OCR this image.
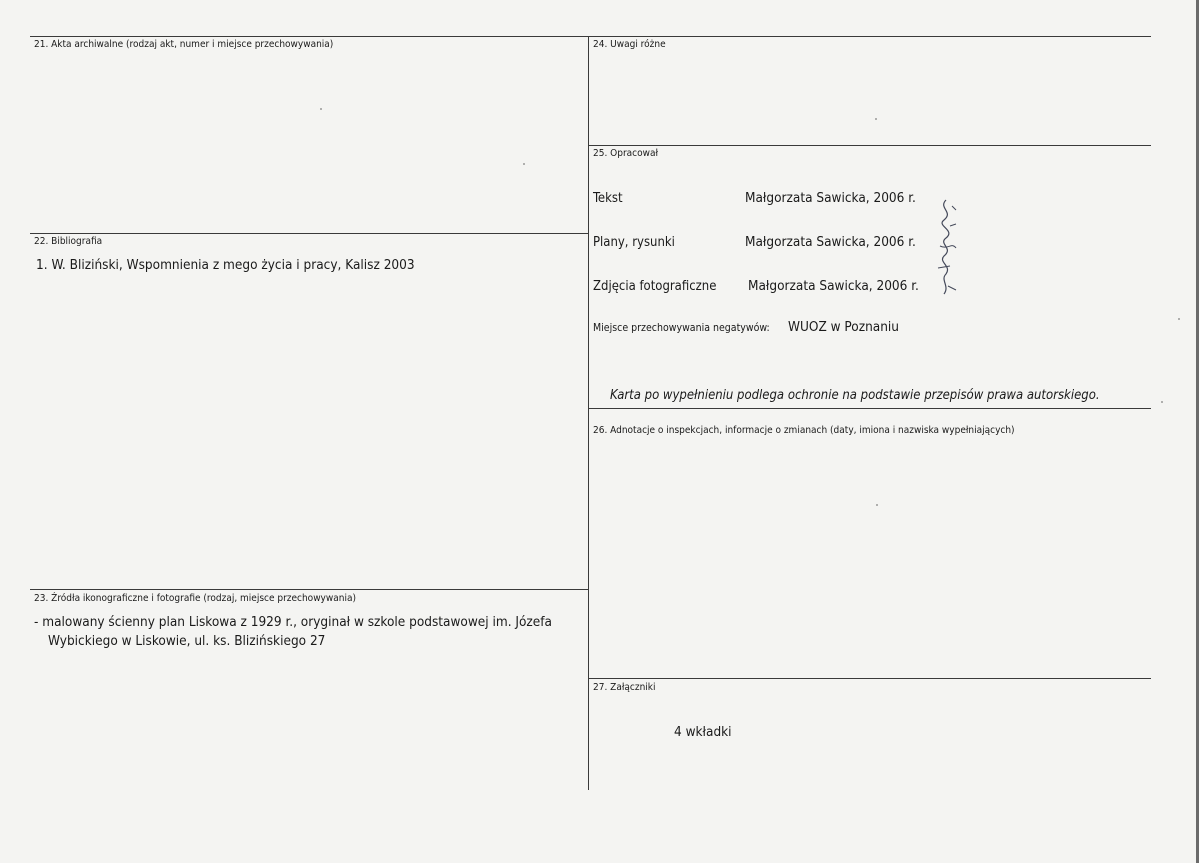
21. Akta archiwalne (rodzaj akt, numer i miejsce przechowywania)
22. Bibliografia
1. W. Bliziński, Wspomnienia z mego życia i pracy, Kalisz 2003
23. Źródła ikonograficzne i fotografie (rodzaj, miejsce przechowywania)
- malowany ścienny plan Liskowa z 1929 r., oryginał w szkole podstawowej im. Józefa
Wybickiego w Liskowie, ul. ks. Blizińskiego 27
24. Uwagi różne
25. Opracował
Tekst	Małgorzata Sawicka, 2006 r.
Plany, rysunki	Małgorzata Sawicka, 2006 r.
Zdjęcia fotograficzne Małgorzata Sawicka, 2006 r.
Miejsce przechowywania negatywów: WUOZ w Poznaniu
Karta po wypełnieniu podlega ochronie na podstawie przepisów prawa autorskiego.
26. Adnotacje o inspekcjach, informacje o zmianach (daty, imiona i nazwiska wypełniających)
27. Załączniki
4 wkładki
